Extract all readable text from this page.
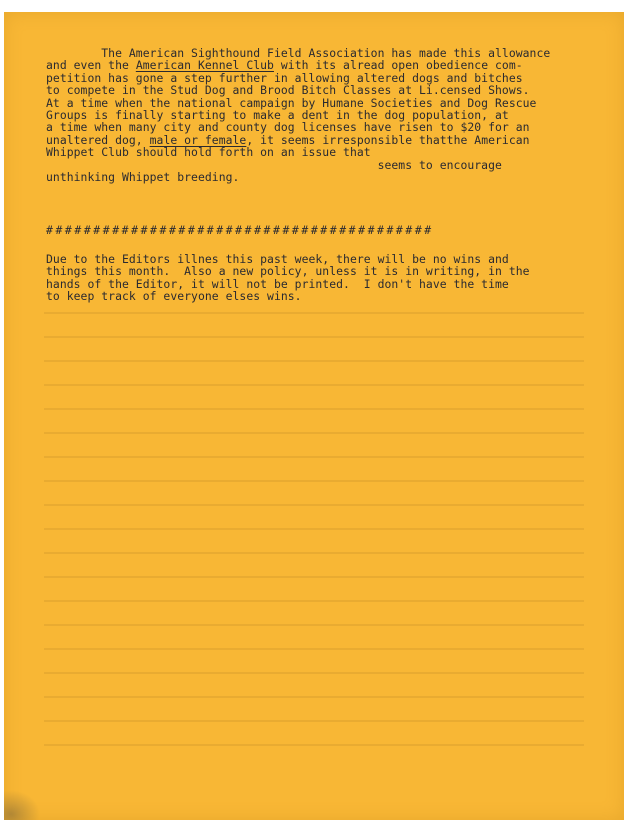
The American Sighthound Field Association has made this allowance
and even the American Kennel Club with its alread open obedience com-
petition has gone a step further in allowing altered dogs and bitches
to compete in the Stud Dog and Brood Bitch Classes at Li.censed Shows.
At a time when the national campaign by Humane Societies and Dog Rescue
Groups is finally starting to make a dent in the dog population, at
a time when many city and county dog licenses have risen to $20 for an
unaltered dog, male or female, it seems irresponsible thatthe American
Whippet Club should hold forth on an issue that
seems to encourage
unthinking Whippet breeding.
#########################################
Due to the Editors illnes this past week, there will be no wins and
things this month.  Also a new policy, unless it is in writing, in the
hands of the Editor, it will not be printed.  I don't have the time
to keep track of everyone elses wins.
